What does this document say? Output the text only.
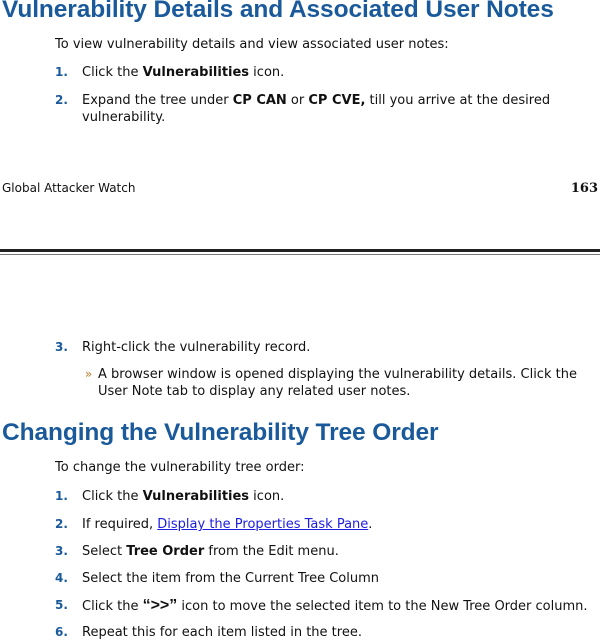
Vulnerability Details and Associated User Notes
To view vulnerability details and view associated user notes:
1. Click the Vulnerabilities icon.
2. Expand the tree under CP CAN or CP CVE, till you arrive at the desired
vulnerability.
Global Attacker Watch	163
3. Right-click the vulnerability record.
» A browser window is opened displaying the vulnerability details. Click the
User Note tab to display any related user notes.
Changing the Vulnerability Tree Order
To change the vulnerability tree order:
1. Click the Vulnerabilities icon.
2. If required, Display the Properties Task Pane.
3. Select Tree Order from the Edit menu.
4. Select the item from the Current Tree Column
5. Click the “>>” icon to move the selected item to the New Tree Order column.
6. Repeat this for each item listed in the tree.
